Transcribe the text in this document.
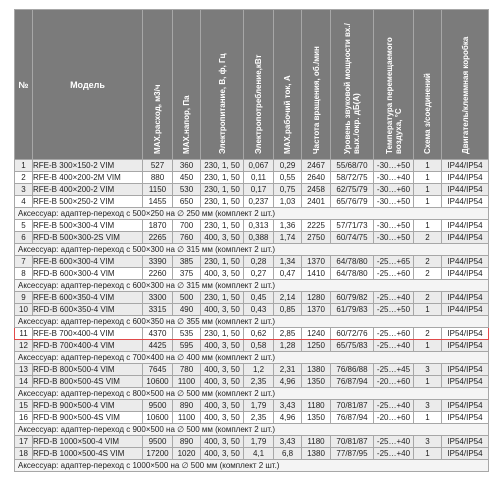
№	Модель	MAX.расход, м3/ч	MAX.напор, Па	Электропитание, В, ф, Гц	Электропотребление,кВт	MAX.рабочий ток, А	Частота вращения, об./мин	Уровень звуковой мощности вх./вых./окр. дБ(А)	Температура перемещаемого воздуха, °С	Схема з/соединений	Двигатель/клеммная коробка

1	RFE-B 300×150-2 VIM	527	360	230, 1, 50	0,067	0,29	2467	55/68/70	-30…+50	1	IP44/IP54
2	RFE-B 400×200-2M VIM	880	450	230, 1, 50	0,11	0,55	2640	58/72/75	-30…+40	1	IP44/IP54
3	RFE-B 400×200-2 VIM	1150	530	230, 1, 50	0,17	0,75	2458	62/75/79	-30…+60	1	IP44/IP54
4	RFE-B 500×250-2 VIM	1455	650	230, 1, 50	0,237	1,03	2401	65/76/79	-30…+50	1	IP44/IP54
Аксессуар: адаптер-переход с 500×250 на ∅ 250 мм (комплект 2 шт.)											
5	RFE-B 500×300-4 VIM	1870	700	230, 1, 50	0,313	1,36	2225	57/71/73	-30…+50	1	IP44/IP54
6	RFD-B 500×300-2S VIM	2265	760	400, 3, 50	0,388	1,74	2750	60/74/75	-30…+50	2	IP44/IP54
Аксессуар: адаптер-переход с 500×300 на ∅ 315 мм (комплект 2 шт.)											
7	RFE-B 600×300-4 VIM	3390	385	230, 1, 50	0,28	1,34	1370	64/78/80	-25…+65	2	IP44/IP54
8	RFD-B 600×300-4 VIM	2260	375	400, 3, 50	0,27	0,47	1410	64/78/80	-25…+60	2	IP44/IP54
Аксессуар: адаптер-переход с 600×300 на ∅ 315 мм (комплект 2 шт.)											
9	RFE-B 600×350-4 VIM	3300	500	230, 1, 50	0,45	2,14	1280	60/79/82	-25…+40	2	IP44/IP54
10	RFD-B 600×350-4 VIM	3315	490	400, 3, 50	0,43	0,85	1370	61/79/83	-25…+50	1	IP44/IP54
Аксессуар: адаптер-переход с 600×350 на ∅ 355 мм (комплект 2 шт.)											
11	RFE-B 700×400-4 VIM	4370	535	230, 1, 50	0,62	2,85	1240	60/72/76	-25…+60	2	IP54/IP54
12	RFD-B 700×400-4 VIM	4425	595	400, 3, 50	0,58	1,28	1250	65/75/83	-25…+40	1	IP54/IP54
Аксессуар: адаптер-переход с 700×400 на ∅ 400 мм (комплект 2 шт.)											
13	RFD-B 800×500-4 VIM	7645	780	400, 3, 50	1,2	2,31	1380	76/86/88	-25…+45	3	IP54/IP54
14	RFD-B 800×500-4S VIM	10600	1100	400, 3, 50	2,35	4,96	1350	76/87/94	-20…+60	1	IP54/IP54
Аксессуар: адаптер-переход с 800×500 на ∅ 500 мм (комплект 2 шт.)											
15	RFD-B 900×500-4 VIM	9500	890	400, 3, 50	1,79	3,43	1180	70/81/87	-25…+40	3	IP54/IP54
16	RFD-B 900×500-4S VIM	10600	1100	400, 3, 50	2,35	4,96	1350	76/87/94	-20…+60	1	IP54/IP54
Аксессуар: адаптер-переход с 900×500 на ∅ 500 мм (комплект 2 шт.)											
17	RFD-B 1000×500-4 VIM	9500	890	400, 3, 50	1,79	3,43	1180	70/81/87	-25…+40	3	IP54/IP54
18	RFD-B 1000×500-4S VIM	17200	1020	400, 3, 50	4,1	6,8	1380	77/87/95	-25…+40	1	IP54/IP54
Аксессуар: адаптер-переход с 1000×500 на ∅ 500 мм (комплект 2 шт.)											
